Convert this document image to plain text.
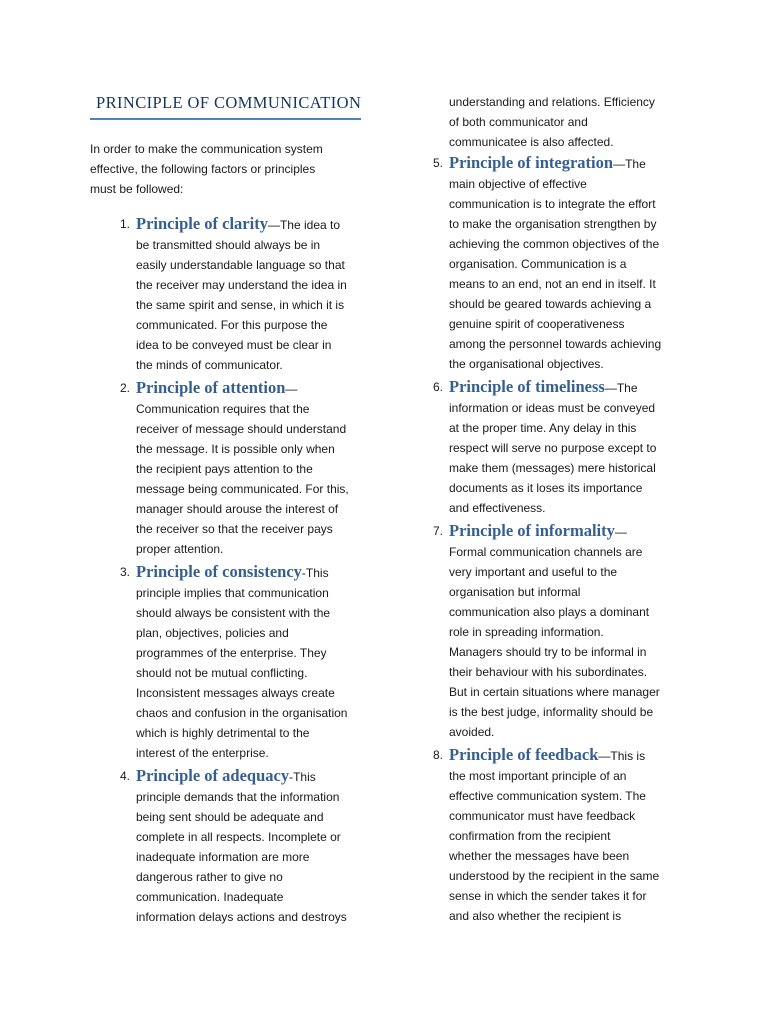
PRINCIPLE OF COMMUNICATION
In order to make the communication system
effective, the following factors or principles
must be followed:
1. Principle of clarity—The idea to
be transmitted should always be in
easily understandable language so that
the receiver may understand the idea in
the same spirit and sense, in which it is
communicated. For this purpose the
idea to be conveyed must be clear in
the minds of communicator.
2. Principle of attention—
Communication requires that the
receiver of message should understand
the message. It is possible only when
the recipient pays attention to the
message being communicated. For this,
manager should arouse the interest of
the receiver so that the receiver pays
proper attention.
3. Principle of consistency-This
principle implies that communication
should always be consistent with the
plan, objectives, policies and
programmes of the enterprise. They
should not be mutual conflicting.
Inconsistent messages always create
chaos and confusion in the organisation
which is highly detrimental to the
interest of the enterprise.
4. Principle of adequacy-This
principle demands that the information
being sent should be adequate and
complete in all respects. Incomplete or
inadequate information are more
dangerous rather to give no
communication. Inadequate
information delays actions and destroys
understanding and relations. Efficiency
of both communicator and
communicatee is also affected.
5. Principle of integration—The
main objective of effective
communication is to integrate the effort
to make the organisation strengthen by
achieving the common objectives of the
organisation. Communication is a
means to an end, not an end in itself. It
should be geared towards achieving a
genuine spirit of cooperativeness
among the personnel towards achieving
the organisational objectives.
6. Principle of timeliness—The
information or ideas must be conveyed
at the proper time. Any delay in this
respect will serve no purpose except to
make them (messages) mere historical
documents as it loses its importance
and effectiveness.
7. Principle of informality—
Formal communication channels are
very important and useful to the
organisation but informal
communication also plays a dominant
role in spreading information.
Managers should try to be informal in
their behaviour with his subordinates.
But in certain situations where manager
is the best judge, informality should be
avoided.
8. Principle of feedback—This is
the most important principle of an
effective communication system. The
communicator must have feedback
confirmation from the recipient
whether the messages have been
understood by the recipient in the same
sense in which the sender takes it for
and also whether the recipient is
